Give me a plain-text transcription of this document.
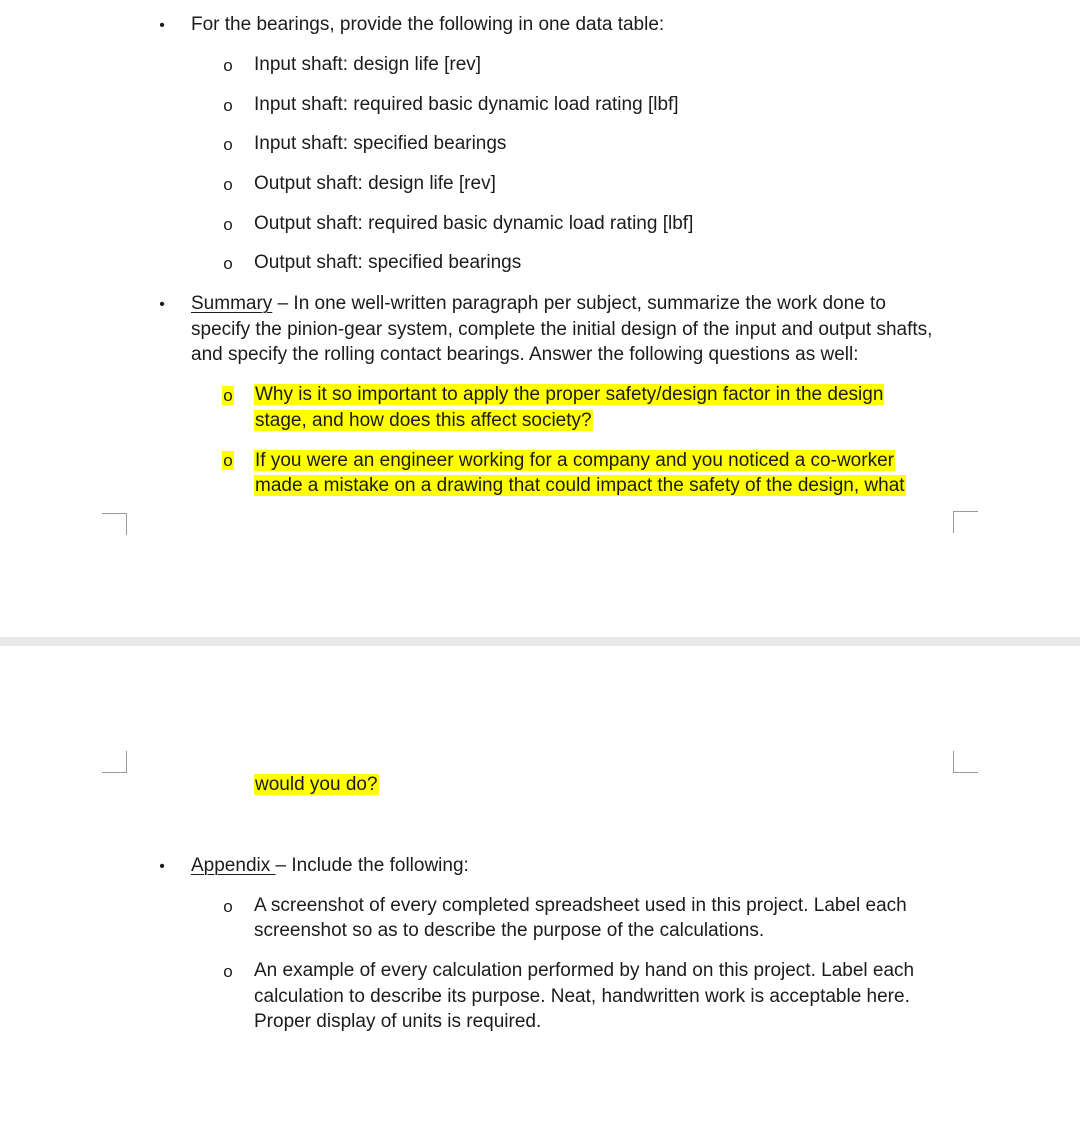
• For the bearings, provide the following in one data table:
o Input shaft: design life [rev]
o Input shaft: required basic dynamic load rating [lbf]
o Input shaft: specified bearings
o Output shaft: design life [rev]
o Output shaft: required basic dynamic load rating [lbf]
o Output shaft: specified bearings
• Summary – In one well-written paragraph per subject, summarize the work done to
specify the pinion-gear system, complete the initial design of the input and output shafts,
and specify the rolling contact bearings. Answer the following questions as well:
o Why is it so important to apply the proper safety/design factor in the design
stage, and how does this affect society?
o If you were an engineer working for a company and you noticed a co-worker
made a mistake on a drawing that could impact the safety of the design, what
would you do?
• Appendix – Include the following:
o A screenshot of every completed spreadsheet used in this project. Label each
screenshot so as to describe the purpose of the calculations.
o An example of every calculation performed by hand on this project. Label each
calculation to describe its purpose. Neat, handwritten work is acceptable here.
Proper display of units is required.
